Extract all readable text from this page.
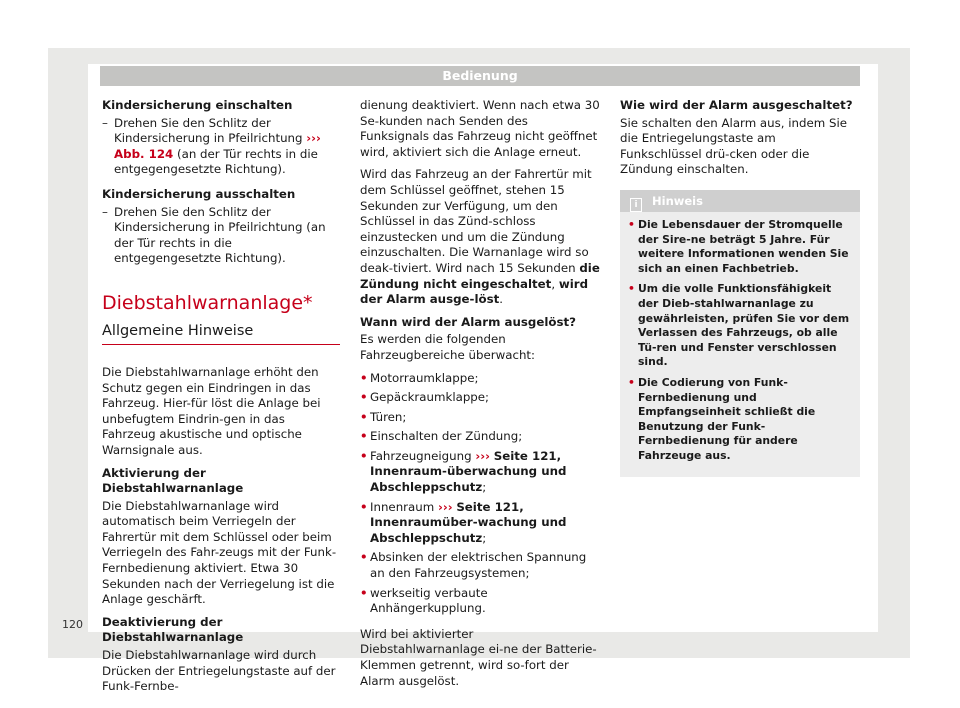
Bedienung

Kindersicherung einschalten

– Drehen Sie den Schlitz der Kindersicherung in Pfeilrichtung ››› Abb. 124 (an der Tür rechts in die entgegengesetzte Richtung).

Kindersicherung ausschalten

– Drehen Sie den Schlitz der Kindersicherung in Pfeilrichtung (an der Tür rechts in die entgegengesetzte Richtung).
Diebstahlwarnanlage*
Allgemeine Hinweise

Die Diebstahlwarnanlage erhöht den Schutz gegen ein Eindringen in das Fahrzeug. Hier-für löst die Anlage bei unbefugtem Eindrin-gen in das Fahrzeug akustische und optische Warnsignale aus.

Aktivierung der Diebstahlwarnanlage

Die Diebstahlwarnanlage wird automatisch beim Verriegeln der Fahrertür mit dem Schlüssel oder beim Verriegeln des Fahr-zeugs mit der Funk-Fernbedienung aktiviert. Etwa 30 Sekunden nach der Verriegelung ist die Anlage geschärft.

Deaktivierung der Diebstahlwarnanlage

Die Diebstahlwarnanlage wird durch Drücken der Entriegelungstaste auf der Funk-Fernbe-

dienung deaktiviert. Wenn nach etwa 30 Se-kunden nach Senden des Funksignals das Fahrzeug nicht geöffnet wird, aktiviert sich die Anlage erneut.

Wird das Fahrzeug an der Fahrertür mit dem Schlüssel geöffnet, stehen 15 Sekunden zur Verfügung, um den Schlüssel in das Zünd-schloss einzustecken und um die Zündung einzuschalten. Die Warnanlage wird so deak-tiviert. Wird nach 15 Sekunden die Zündung nicht eingeschaltet, wird der Alarm ausge-löst.

Wann wird der Alarm ausgelöst?

Es werden die folgenden Fahrzeugbereiche überwacht:

• Motorraumklappe;
• Gepäckraumklappe;
• Türen;
• Einschalten der Zündung;
• Fahrzeugneigung ››› Seite 121, Innenraum-überwachung und Abschleppschutz;
• Innenraum ››› Seite 121, Innenraumüber-wachung und Abschleppschutz;
• Absinken der elektrischen Spannung an den Fahrzeugsystemen;
• werkseitig verbaute Anhängerkupplung.

Wird bei aktivierter Diebstahlwarnanlage ei-ne der Batterie-Klemmen getrennt, wird so-fort der Alarm ausgelöst.

Wie wird der Alarm ausgeschaltet?

Sie schalten den Alarm aus, indem Sie die Entriegelungstaste am Funkschlüssel drü-cken oder die Zündung einschalten.

i Hinweis
• Die Lebensdauer der Stromquelle der Sire-ne beträgt 5 Jahre. Für weitere Informationen wenden Sie sich an einen Fachbetrieb.
• Um die volle Funktionsfähigkeit der Dieb-stahlwarnanlage zu gewährleisten, prüfen Sie vor dem Verlassen des Fahrzeugs, ob alle Tü-ren und Fenster verschlossen sind.
• Die Codierung von Funk-Fernbedienung und Empfangseinheit schließt die Benutzung der Funk-Fernbedienung für andere Fahrzeuge aus.
120
